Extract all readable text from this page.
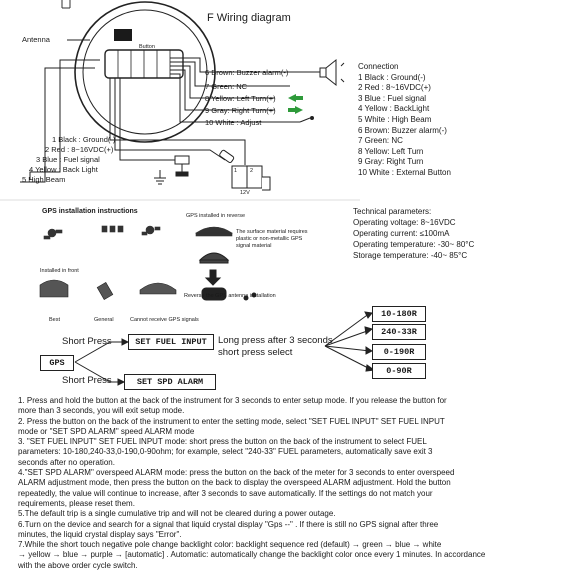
F Wiring diagram
Antenna
Button
6 Brown: Buzzer alarm(-)
7 Green: NC
8 Yellow: Left Turn(+)
9 Gray: Right Turn(+)
10 White : Adjust
1 Black : Ground(-)
2 Red : 8~16VDC(+)
3 Blue : Fuel signal
4 Yellow : Back Light
5 High Beam
1 2
12V
Connection
1 Black : Ground(-)
2 Red : 8~16VDC(+)
3 Blue : Fuel signal
4 Yellow : BackLight
5 White : High Beam
6 Brown: Buzzer alarm(-)
7 Green: NC
8 Yellow: Left Turn
9 Gray: Right Turn
10 White : External Button
Technical parameters:
Operating voltage: 8~16VDC
Operating current: ≤100mA
Operating temperature: -30~ 80°C
Storage temperature: -40~ 85°C
GPS installation instructions
GPS installed in reverse
The surface material requires
plastic or non-metallic GPS
signal material
Installed in front
Best	General	Cannot receive GPS signals
Reverse the GPS antenna installation
Short Press	SET FUEL INPUT	Long press after 3 seconds
short press select
GPS
Short Press	SET SPD ALARM
10-180R
240-33R
0-190R
0-90R
1. Press and hold the button at the back of the instrument for 3 seconds to enter setup mode. If you release the button for
more than 3 seconds, you will exit setup mode.
2. Press the button on the back of the instrument to enter the setting mode, select "SET FUEL INPUT" SET FUEL INPUT
mode or "SET SPD ALARM" speed ALARM mode
3. "SET FUEL INPUT" SET FUEL INPUT mode: short press the button on the back of the instrument to select FUEL
parameters: 10-180,240-33,0-190,0-90ohm; for example, select "240-33" FUEL parameters, automatically save exit 3
seconds after no operation.
4."SET SPD ALARM" overspeed ALARM mode: press the button on the back of the meter for 3 seconds to enter overspeed
ALARM adjustment mode, then press the button on the back to display the overspeed ALARM adjustment. Hold the button
repeatedly, the value will continue to increase, after 3 seconds to save automatically. If the settings do not match your
requirements, please reset them.
5.The default trip is a single cumulative trip and will not be cleared during a power outage.
6.Turn on the device and search for a signal that liquid crystal display "Gps --" . If there is still no GPS signal after three
minutes, the liquid crystal display says "Error".
7.While the short touch negative pole change backlight color: backlight sequence red (default) → green → blue → white
→ yellow → blue → purple → [automatic] . Automatic: automatically change the backlight color once every 1 minutes. In accordance
with the above order cycle switch.
